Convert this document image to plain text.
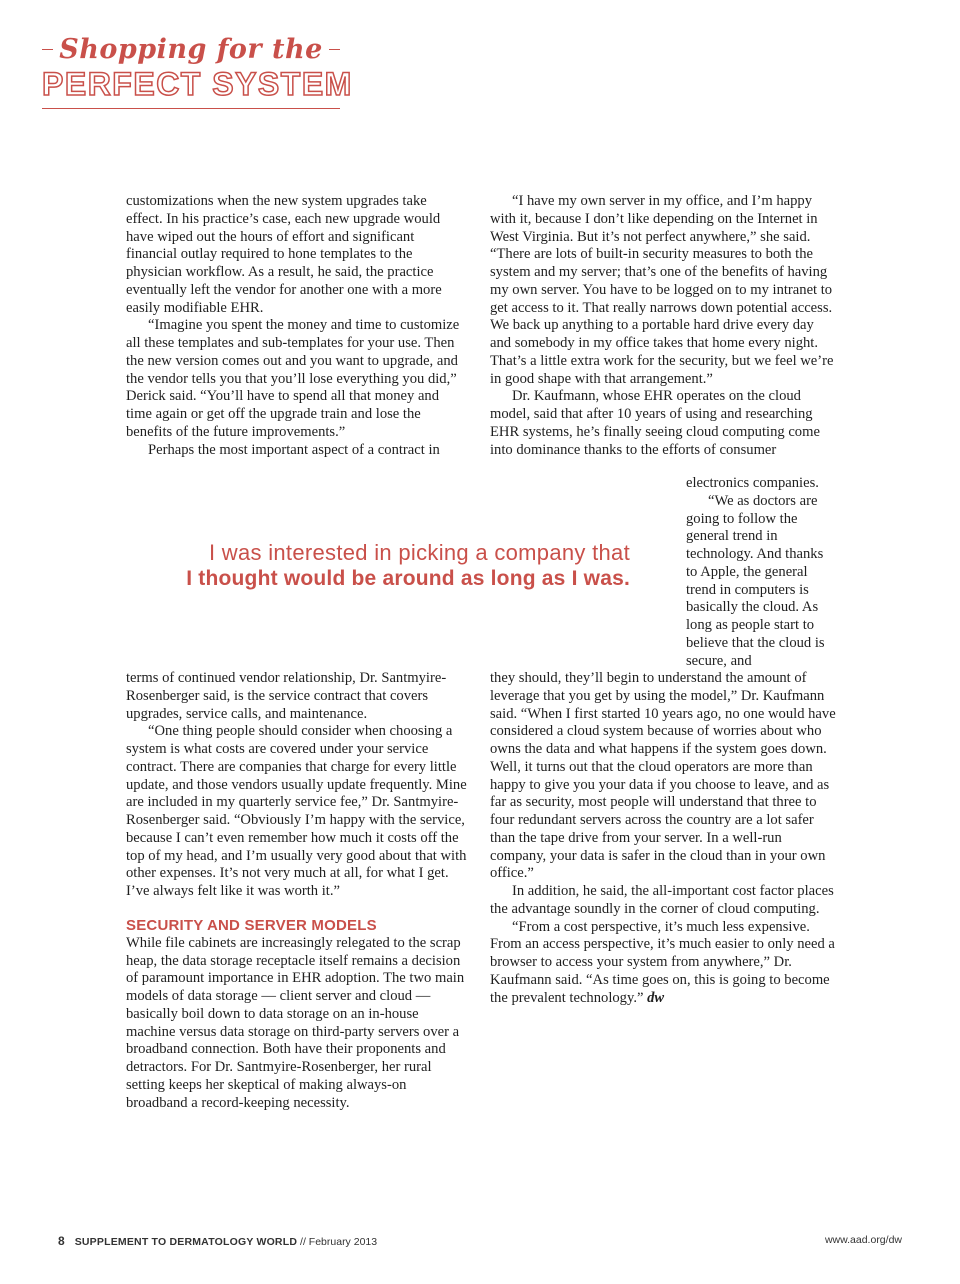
Shopping for the
PERFECT SYSTEM

customizations when the new system upgrades take effect. In his practice’s case, each new upgrade would have wiped out the hours of effort and significant financial outlay required to hone templates to the physician workflow. As a result, he said, the practice eventually left the vendor for another one with a more easily modifiable EHR.

“Imagine you spent the money and time to customize all these templates and sub-templates for your use. Then the new version comes out and you want to upgrade, and the vendor tells you that you’ll lose everything you did,” Derick said. “You’ll have to spend all that money and time again or get off the upgrade train and lose the benefits of the future improvements.”

Perhaps the most important aspect of a contract in

“I have my own server in my office, and I’m happy with it, because I don’t like depending on the Internet in West Virginia. But it’s not perfect anywhere,” she said. “There are lots of built-in security measures to both the system and my server; that’s one of the benefits of having my own server. You have to be logged on to my intranet to get access to it. That really narrows down potential access. We back up anything to a portable hard drive every day and somebody in my office takes that home every night. That’s a little extra work for the security, but we feel we’re in good shape with that arrangement.”

Dr. Kaufmann, whose EHR operates on the cloud model, said that after 10 years of using and researching EHR systems, he’s finally seeing cloud computing come into dominance thanks to the efforts of consumer

electronics companies.

“We as doctors are going to follow the general trend in technology. And thanks to Apple, the general trend in computers is basically the cloud. As long as people start to believe that the cloud is secure, and

I was interested in picking a company that
I thought would be around as long as I was.

terms of continued vendor relationship, Dr. Santmyire-Rosenberger said, is the service contract that covers upgrades, service calls, and maintenance.

“One thing people should consider when choosing a system is what costs are covered under your service contract. There are companies that charge for every little update, and those vendors usually update frequently. Mine are included in my quarterly service fee,” Dr. Santmyire-Rosenberger said. “Obviously I’m happy with the service, because I can’t even remember how much it costs off the top of my head, and I’m usually very good about that with other expenses. It’s not very much at all, for what I get. I’ve always felt like it was worth it.”

SECURITY AND SERVER MODELS

While file cabinets are increasingly relegated to the scrap heap, the data storage receptacle itself remains a decision of paramount importance in EHR adoption. The two main models of data storage — client server and cloud — basically boil down to data storage on an in-house machine versus data storage on third-party servers over a broadband connection. Both have their proponents and detractors. For Dr. Santmyire-Rosenberger, her rural setting keeps her skeptical of making always-on broadband a record-keeping necessity.

they should, they’ll begin to understand the amount of leverage that you get by using the model,” Dr. Kaufmann said. “When I first started 10 years ago, no one would have considered a cloud system because of worries about who owns the data and what happens if the system goes down. Well, it turns out that the cloud operators are more than happy to give you your data if you choose to leave, and as far as security, most people will understand that three to four redundant servers across the country are a lot safer than the tape drive from your server. In a well-run company, your data is safer in the cloud than in your own office.”

In addition, he said, the all-important cost factor places the advantage soundly in the corner of cloud computing.

“From a cost perspective, it’s much less expensive. From an access perspective, it’s much easier to only need a browser to access your system from anywhere,” Dr. Kaufmann said. “As time goes on, this is going to become the prevalent technology.” dw

8 SUPPLEMENT TO DERMATOLOGY WORLD // February 2013	www.aad.org/dw
